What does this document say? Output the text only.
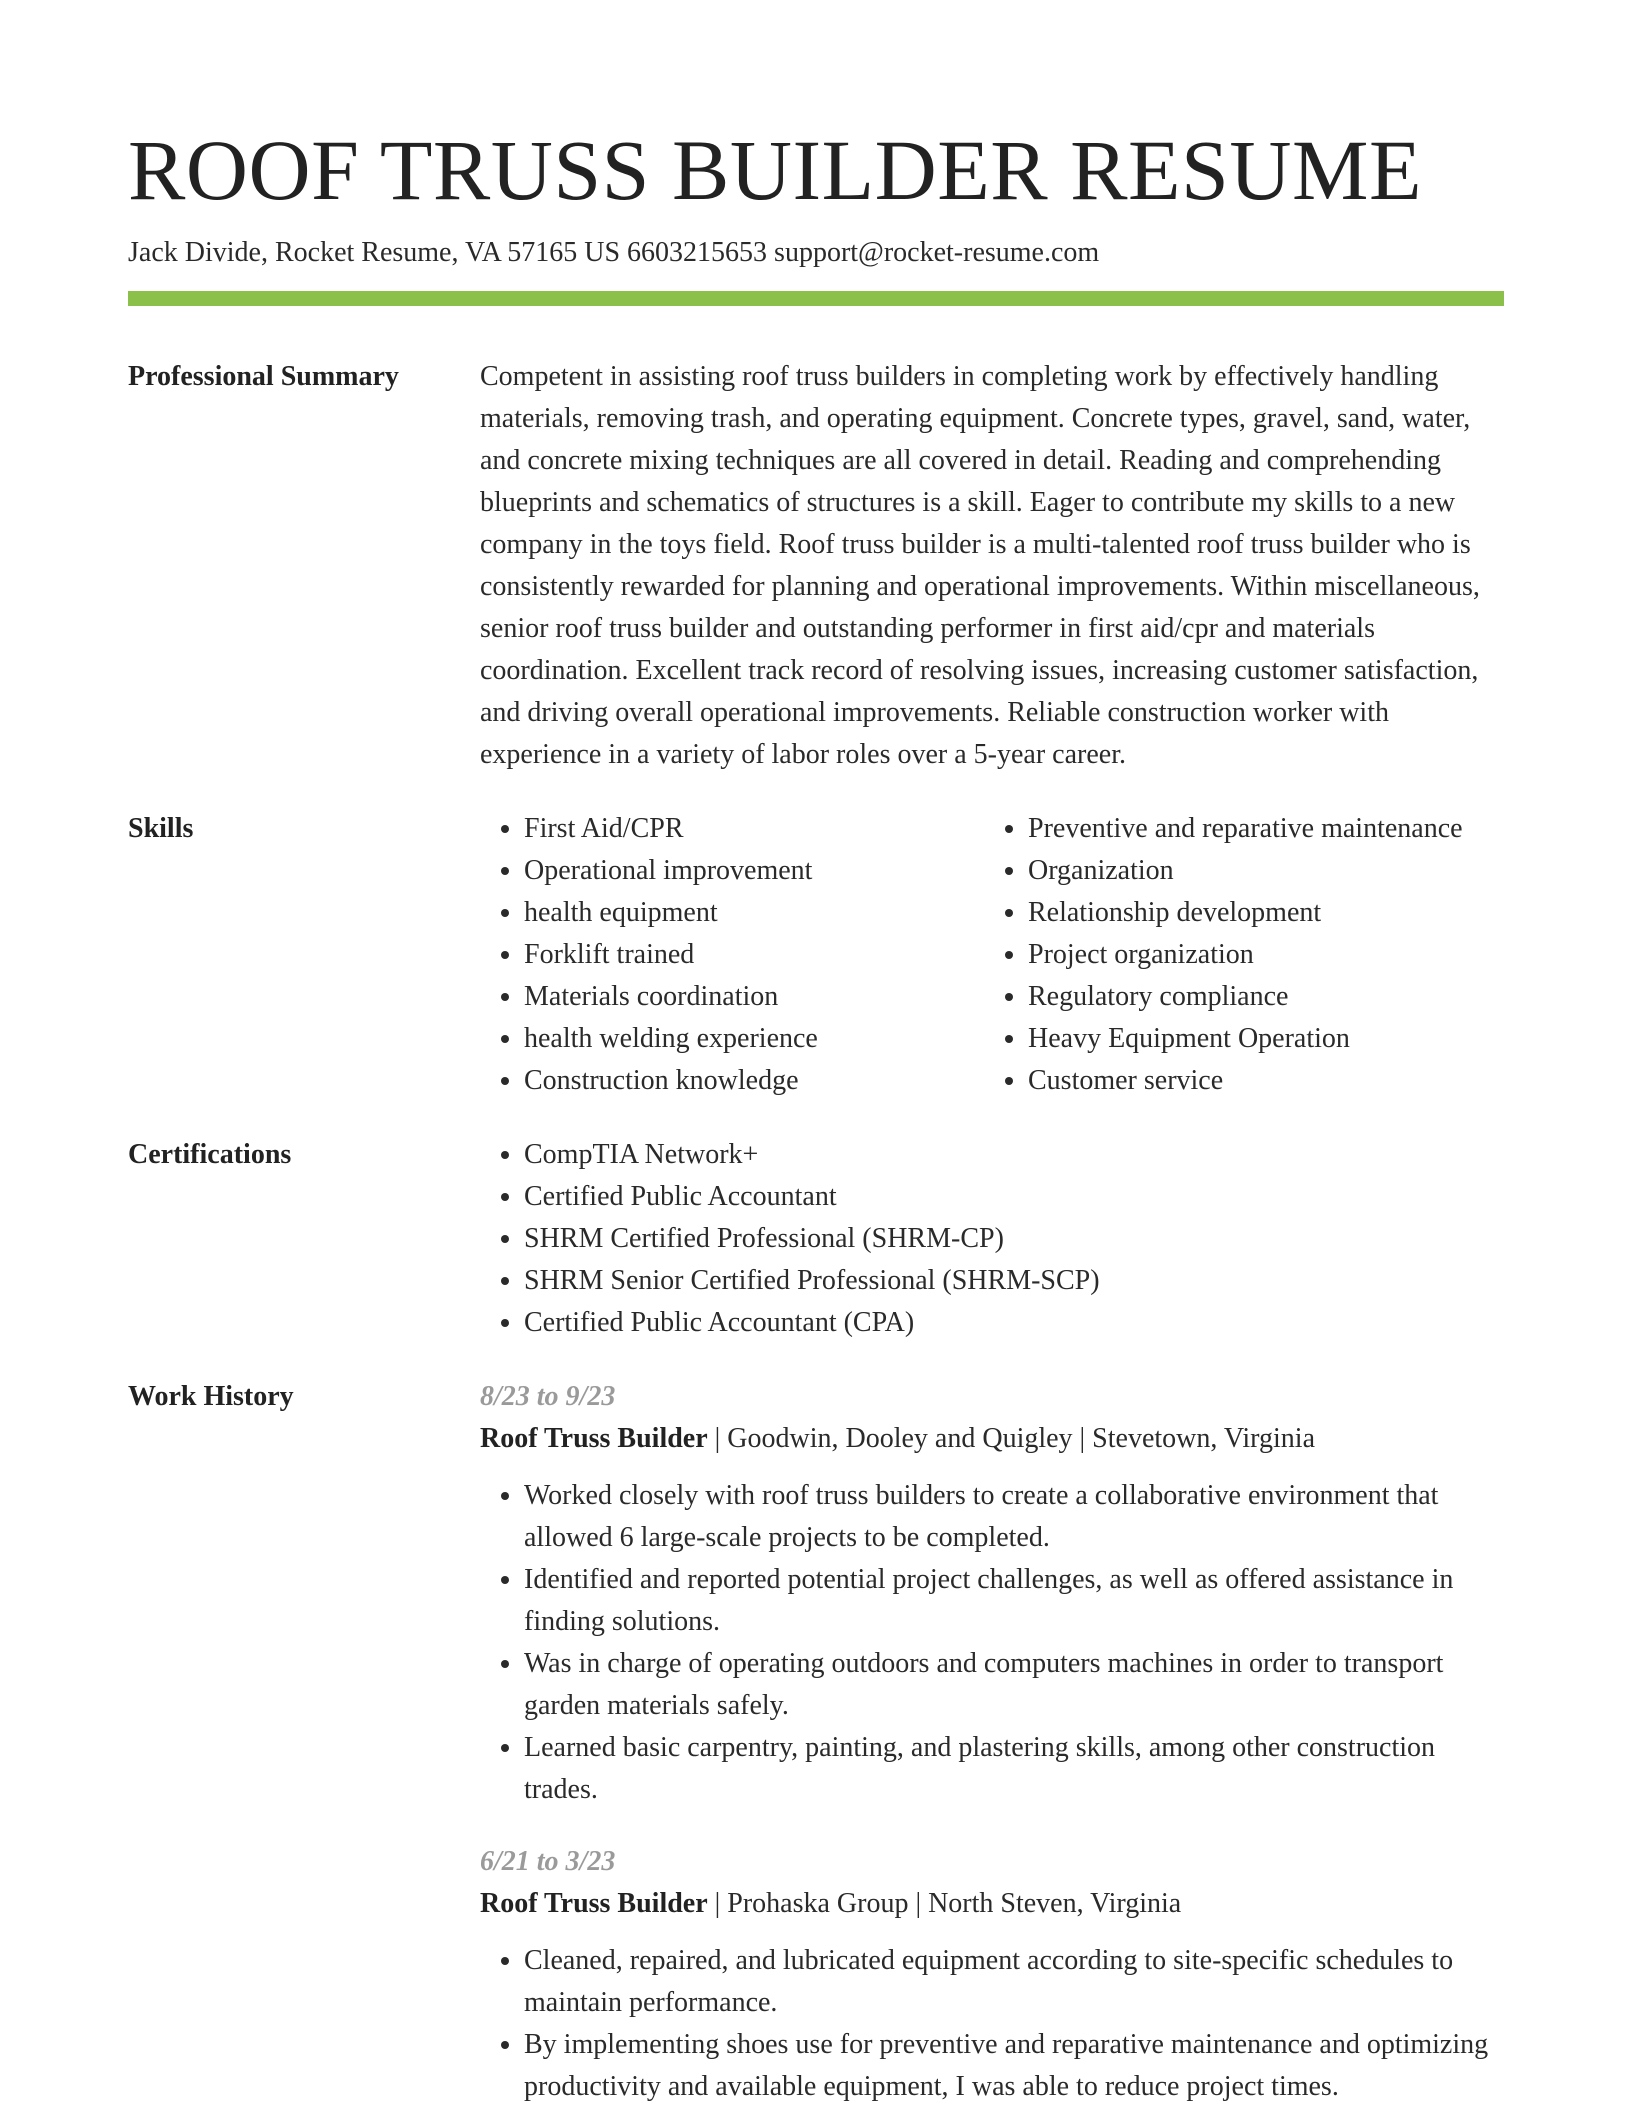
ROOF TRUSS BUILDER RESUME
Jack Divide, Rocket Resume, VA 57165 US 6603215653 support@rocket-resume.com
Professional Summary	Competent in assisting roof truss builders in completing work by effectively handling materials, removing trash, and operating equipment. Concrete types, gravel, sand, water, and concrete mixing techniques are all covered in detail. Reading and comprehending blueprints and schematics of structures is a skill. Eager to contribute my skills to a new company in the toys field. Roof truss builder is a multi-talented roof truss builder who is consistently rewarded for planning and operational improvements. Within miscellaneous, senior roof truss builder and outstanding performer in first aid/cpr and materials coordination. Excellent track record of resolving issues, increasing customer satisfaction, and driving overall operational improvements. Reliable construction worker with experience in a variety of labor roles over a 5-year career.

Skills	• First Aid/CPR
• Operational improvement
• health equipment
• Forklift trained
• Materials coordination
• health welding experience
• Construction knowledge
• Preventive and reparative maintenance
• Organization
• Relationship development
• Project organization
• Regulatory compliance
• Heavy Equipment Operation
• Customer service
Certifications	• CompTIA Network+
• Certified Public Accountant
• SHRM Certified Professional (SHRM-CP)
• SHRM Senior Certified Professional (SHRM-SCP)
• Certified Public Accountant (CPA)
Work History	8/23 to 9/23
Roof Truss Builder | Goodwin, Dooley and Quigley | Stevetown, Virginia
• Worked closely with roof truss builders to create a collaborative environment that allowed 6 large-scale projects to be completed.
• Identified and reported potential project challenges, as well as offered assistance in finding solutions.
• Was in charge of operating outdoors and computers machines in order to transport garden materials safely.
• Learned basic carpentry, painting, and plastering skills, among other construction trades.
6/21 to 3/23
Roof Truss Builder | Prohaska Group | North Steven, Virginia
• Cleaned, repaired, and lubricated equipment according to site-specific schedules to maintain performance.
• By implementing shoes use for preventive and reparative maintenance and optimizing productivity and available equipment, I was able to reduce project times.
